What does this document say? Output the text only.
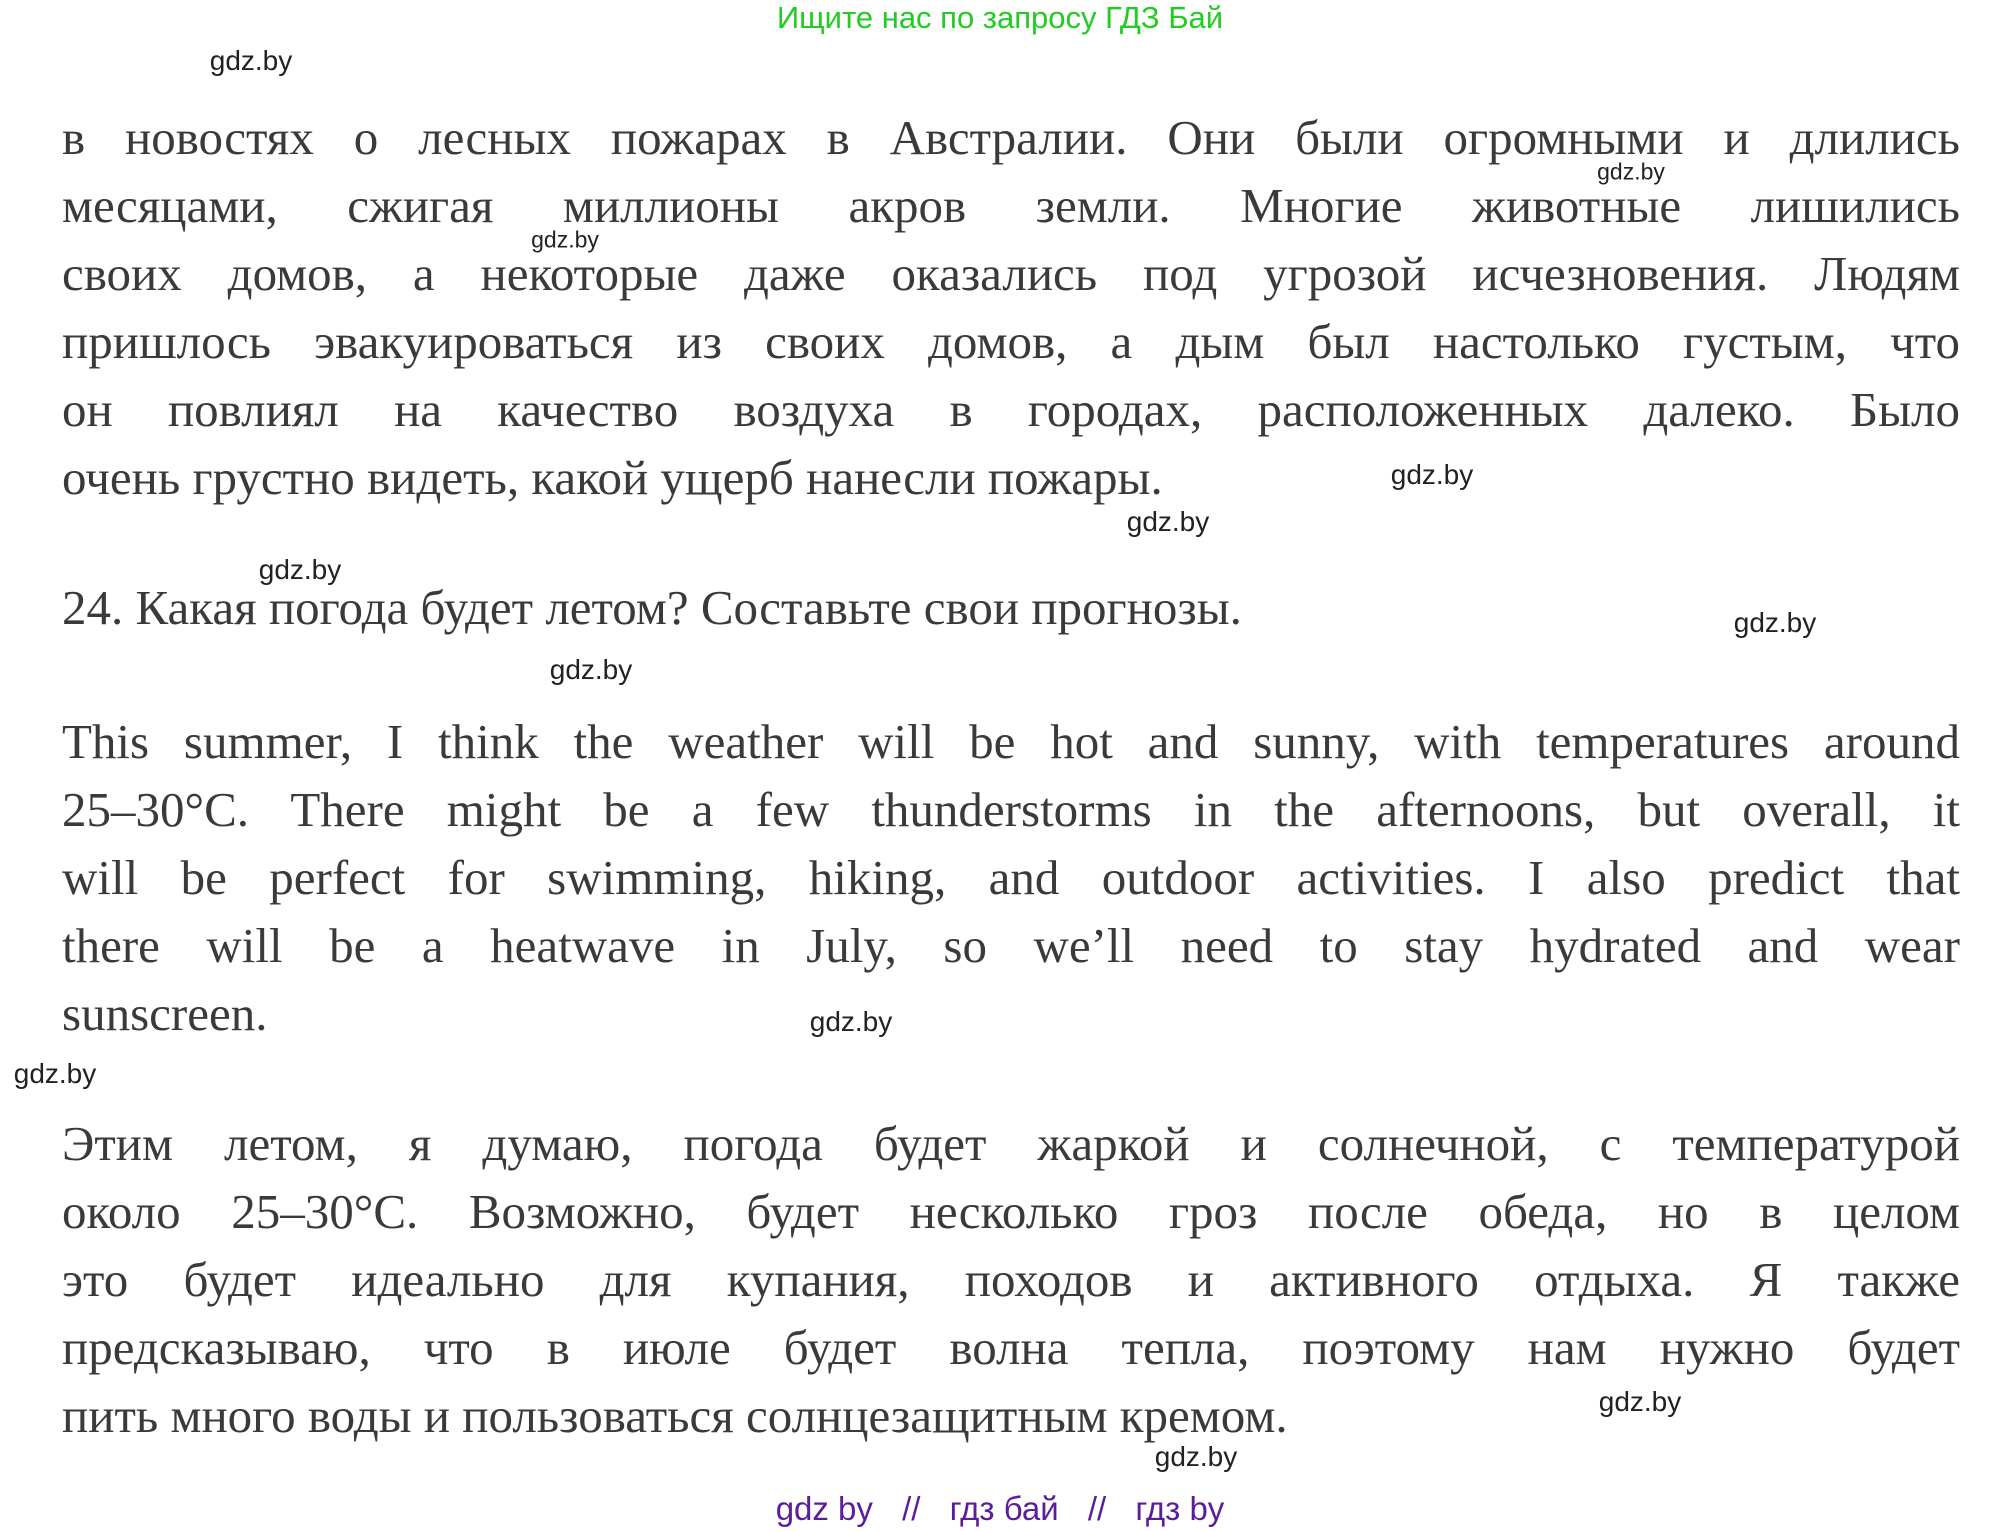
Ищите нас по запросу ГДЗ Бай
в новостях о лесных пожарах в Австралии. Они были огромными и длились
месяцами, сжигая миллионы акров земли. Многие животные лишились
своих домов, а некоторые даже оказались под угрозой исчезновения. Людям
пришлось эвакуироваться из своих домов, а дым был настолько густым, что
он повлиял на качество воздуха в городах, расположенных далеко. Было
очень грустно видеть, какой ущерб нанесли пожары.
24. Какая погода будет летом? Составьте свои прогнозы.
This summer, I think the weather will be hot and sunny, with temperatures around
25–30°C. There might be a few thunderstorms in the afternoons, but overall, it
will be perfect for swimming, hiking, and outdoor activities. I also predict that
there will be a heatwave in July, so we’ll need to stay hydrated and wear
sunscreen.
Этим летом, я думаю, погода будет жаркой и солнечной, с температурой
около 25–30°C. Возможно, будет несколько гроз после обеда, но в целом
это будет идеально для купания, походов и активного отдыха. Я также
предсказываю, что в июле будет волна тепла, поэтому нам нужно будет
пить много воды и пользоваться солнцезащитным кремом.
gdz.by
gdz.by
gdz.by
gdz.by
gdz.by
gdz.by
gdz.by
gdz.by
gdz.by
gdz.by
gdz.by
gdz.by
gdz by // гдз бай // гдз by
